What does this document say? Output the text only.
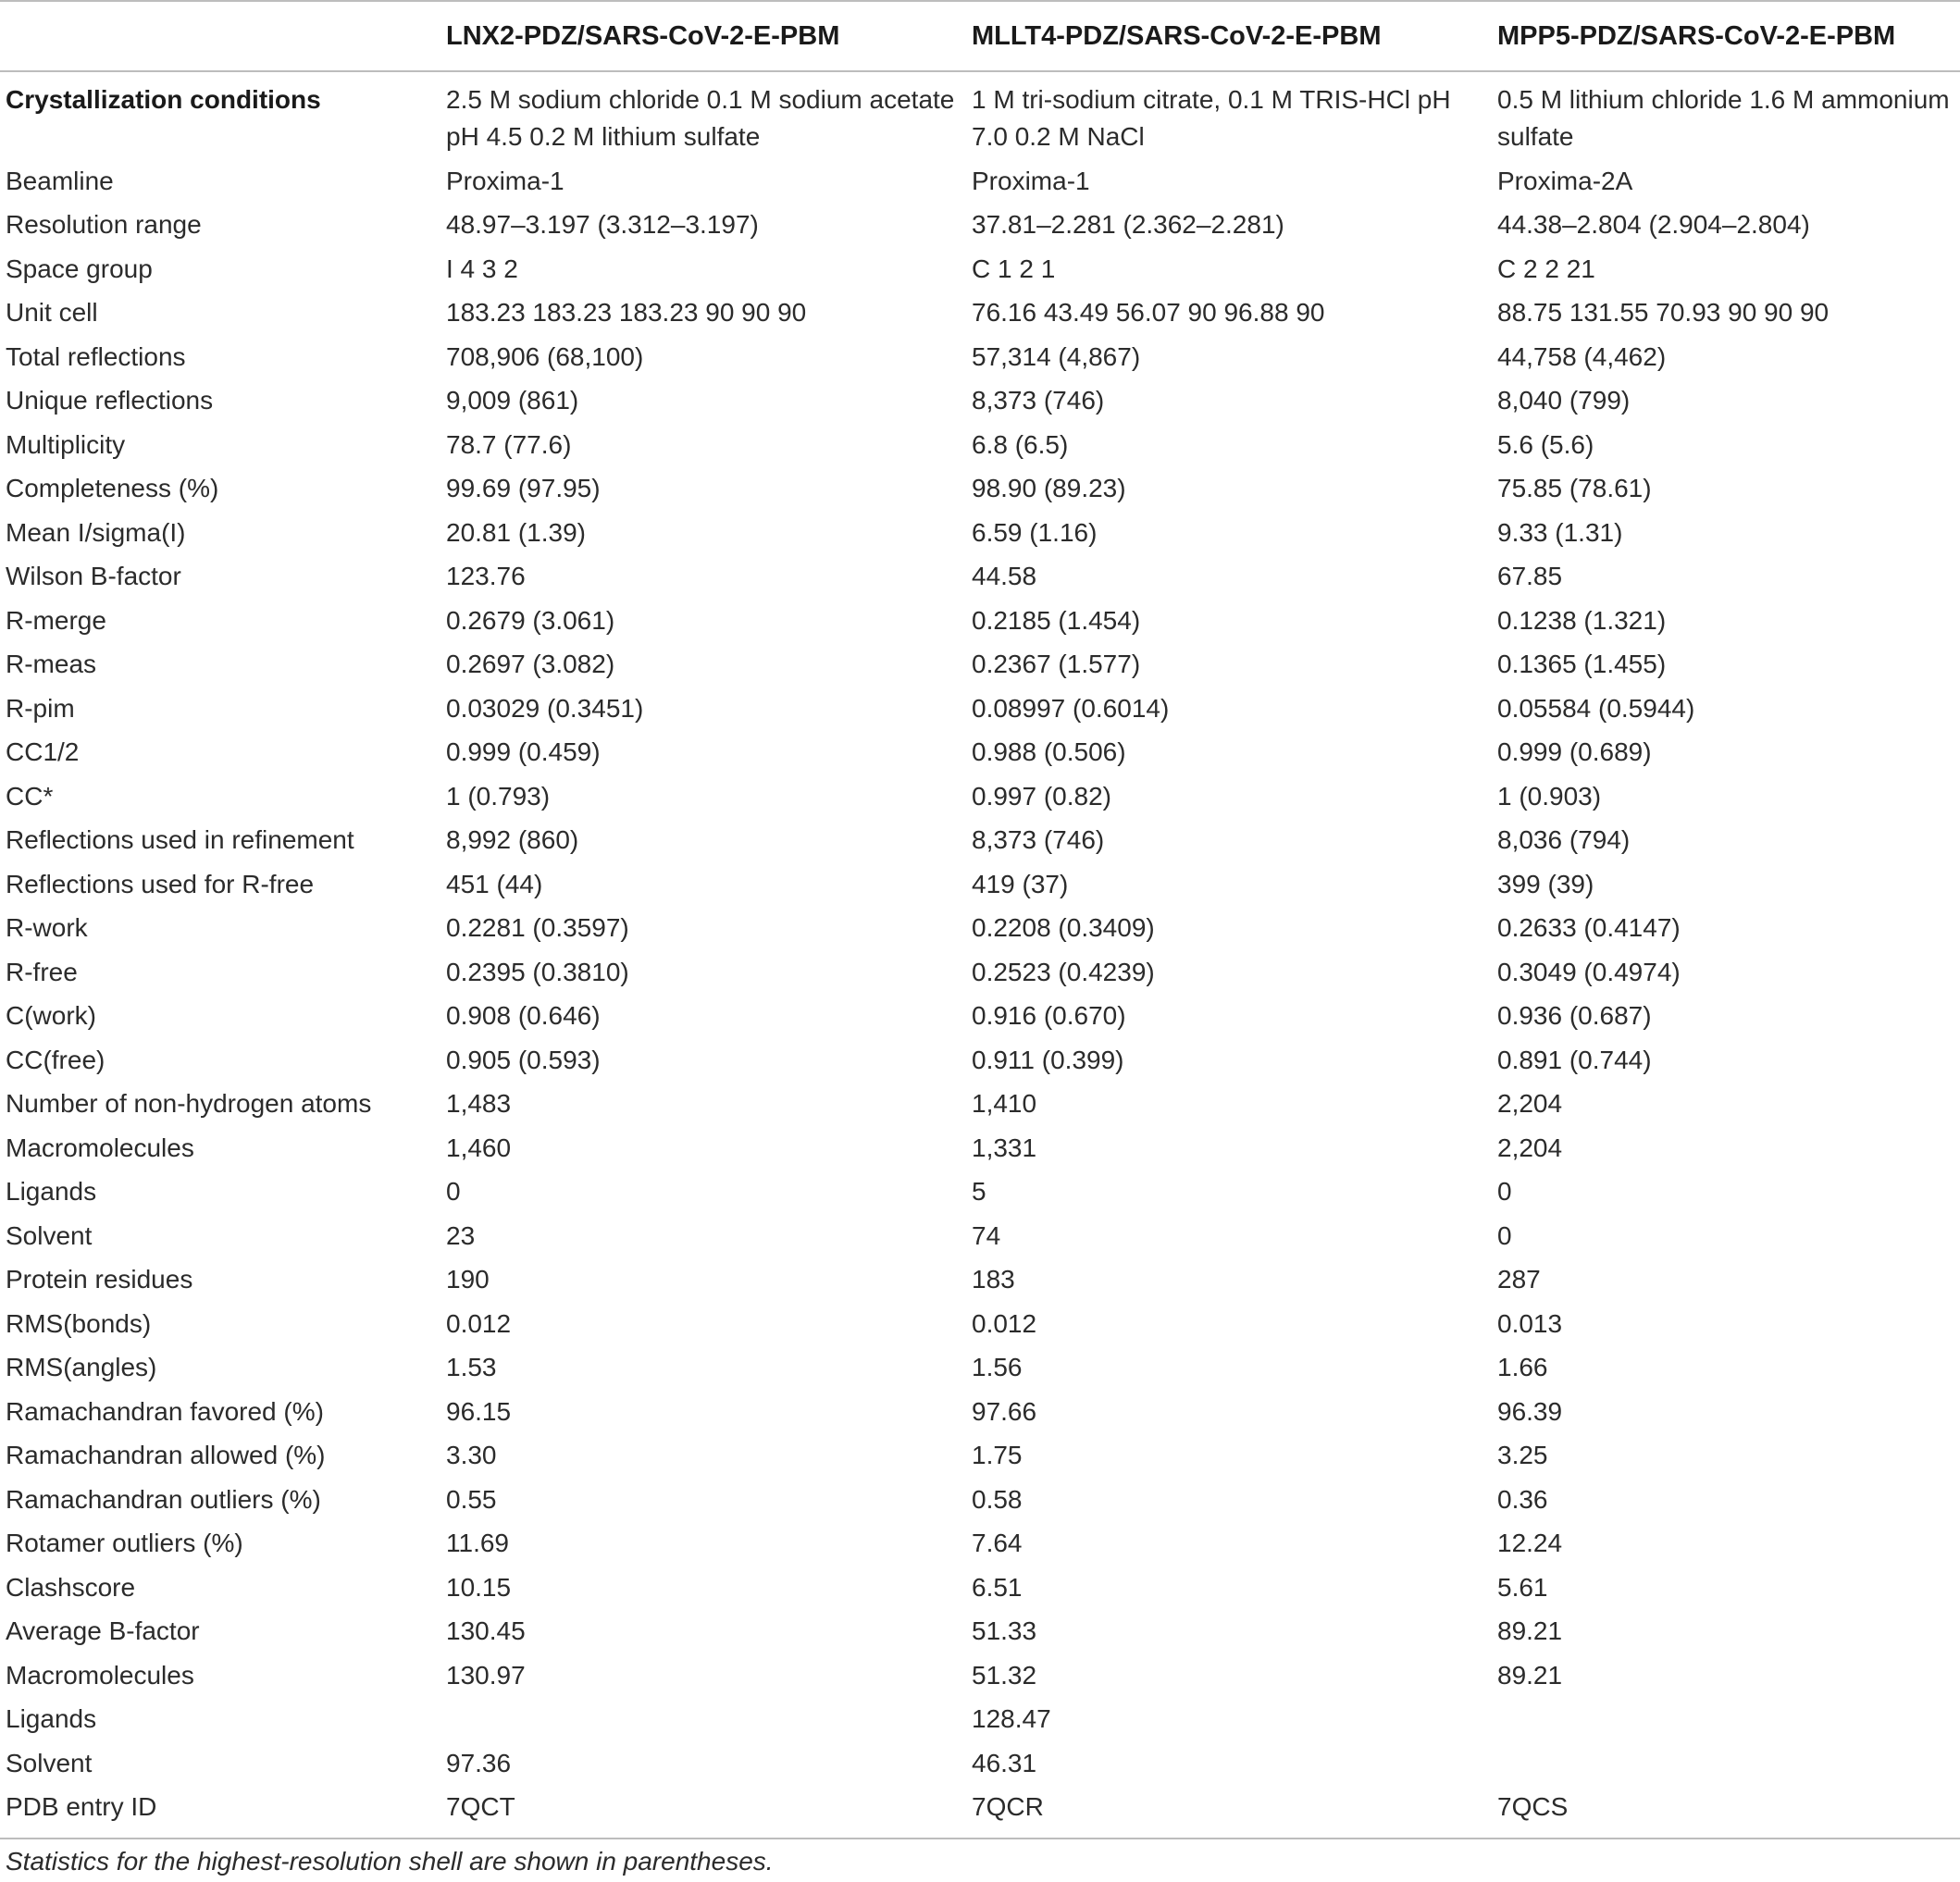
	LNX2-PDZ/SARS-CoV-2-E-PBM	MLLT4-PDZ/SARS-CoV-2-E-PBM	MPP5-PDZ/SARS-CoV-2-E-PBM
Crystallization conditions	2.5 M sodium chloride 0.1 M sodium acetate pH 4.5 0.2 M lithium sulfate	1 M tri-sodium citrate, 0.1 M TRIS-HCl pH 7.0 0.2 M NaCl	0.5 M lithium chloride 1.6 M ammonium sulfate
Beamline	Proxima-1	Proxima-1	Proxima-2A
Resolution range	48.97–3.197 (3.312–3.197)	37.81–2.281 (2.362–2.281)	44.38–2.804 (2.904–2.804)
Space group	I 4 3 2	C 1 2 1	C 2 2 21
Unit cell	183.23 183.23 183.23 90 90 90	76.16 43.49 56.07 90 96.88 90	88.75 131.55 70.93 90 90 90
Total reflections	708,906 (68,100)	57,314 (4,867)	44,758 (4,462)
Unique reflections	9,009 (861)	8,373 (746)	8,040 (799)
Multiplicity	78.7 (77.6)	6.8 (6.5)	5.6 (5.6)
Completeness (%)	99.69 (97.95)	98.90 (89.23)	75.85 (78.61)
Mean I/sigma(I)	20.81 (1.39)	6.59 (1.16)	9.33 (1.31)
Wilson B-factor	123.76	44.58	67.85
R-merge	0.2679 (3.061)	0.2185 (1.454)	0.1238 (1.321)
R-meas	0.2697 (3.082)	0.2367 (1.577)	0.1365 (1.455)
R-pim	0.03029 (0.3451)	0.08997 (0.6014)	0.05584 (0.5944)
CC1/2	0.999 (0.459)	0.988 (0.506)	0.999 (0.689)
CC*	1 (0.793)	0.997 (0.82)	1 (0.903)
Reflections used in refinement	8,992 (860)	8,373 (746)	8,036 (794)
Reflections used for R-free	451 (44)	419 (37)	399 (39)
R-work	0.2281 (0.3597)	0.2208 (0.3409)	0.2633 (0.4147)
R-free	0.2395 (0.3810)	0.2523 (0.4239)	0.3049 (0.4974)
C(work)	0.908 (0.646)	0.916 (0.670)	0.936 (0.687)
CC(free)	0.905 (0.593)	0.911 (0.399)	0.891 (0.744)
Number of non-hydrogen atoms	1,483	1,410	2,204
Macromolecules	1,460	1,331	2,204
Ligands	0	5	0
Solvent	23	74	0
Protein residues	190	183	287
RMS(bonds)	0.012	0.012	0.013
RMS(angles)	1.53	1.56	1.66
Ramachandran favored (%)	96.15	97.66	96.39
Ramachandran allowed (%)	3.30	1.75	3.25
Ramachandran outliers (%)	0.55	0.58	0.36
Rotamer outliers (%)	11.69	7.64	12.24
Clashscore	10.15	6.51	5.61
Average B-factor	130.45	51.33	89.21
Macromolecules	130.97	51.32	89.21
Ligands		128.47	
Solvent	97.36	46.31	
PDB entry ID	7QCT	7QCR	7QCS
Statistics for the highest-resolution shell are shown in parentheses.
